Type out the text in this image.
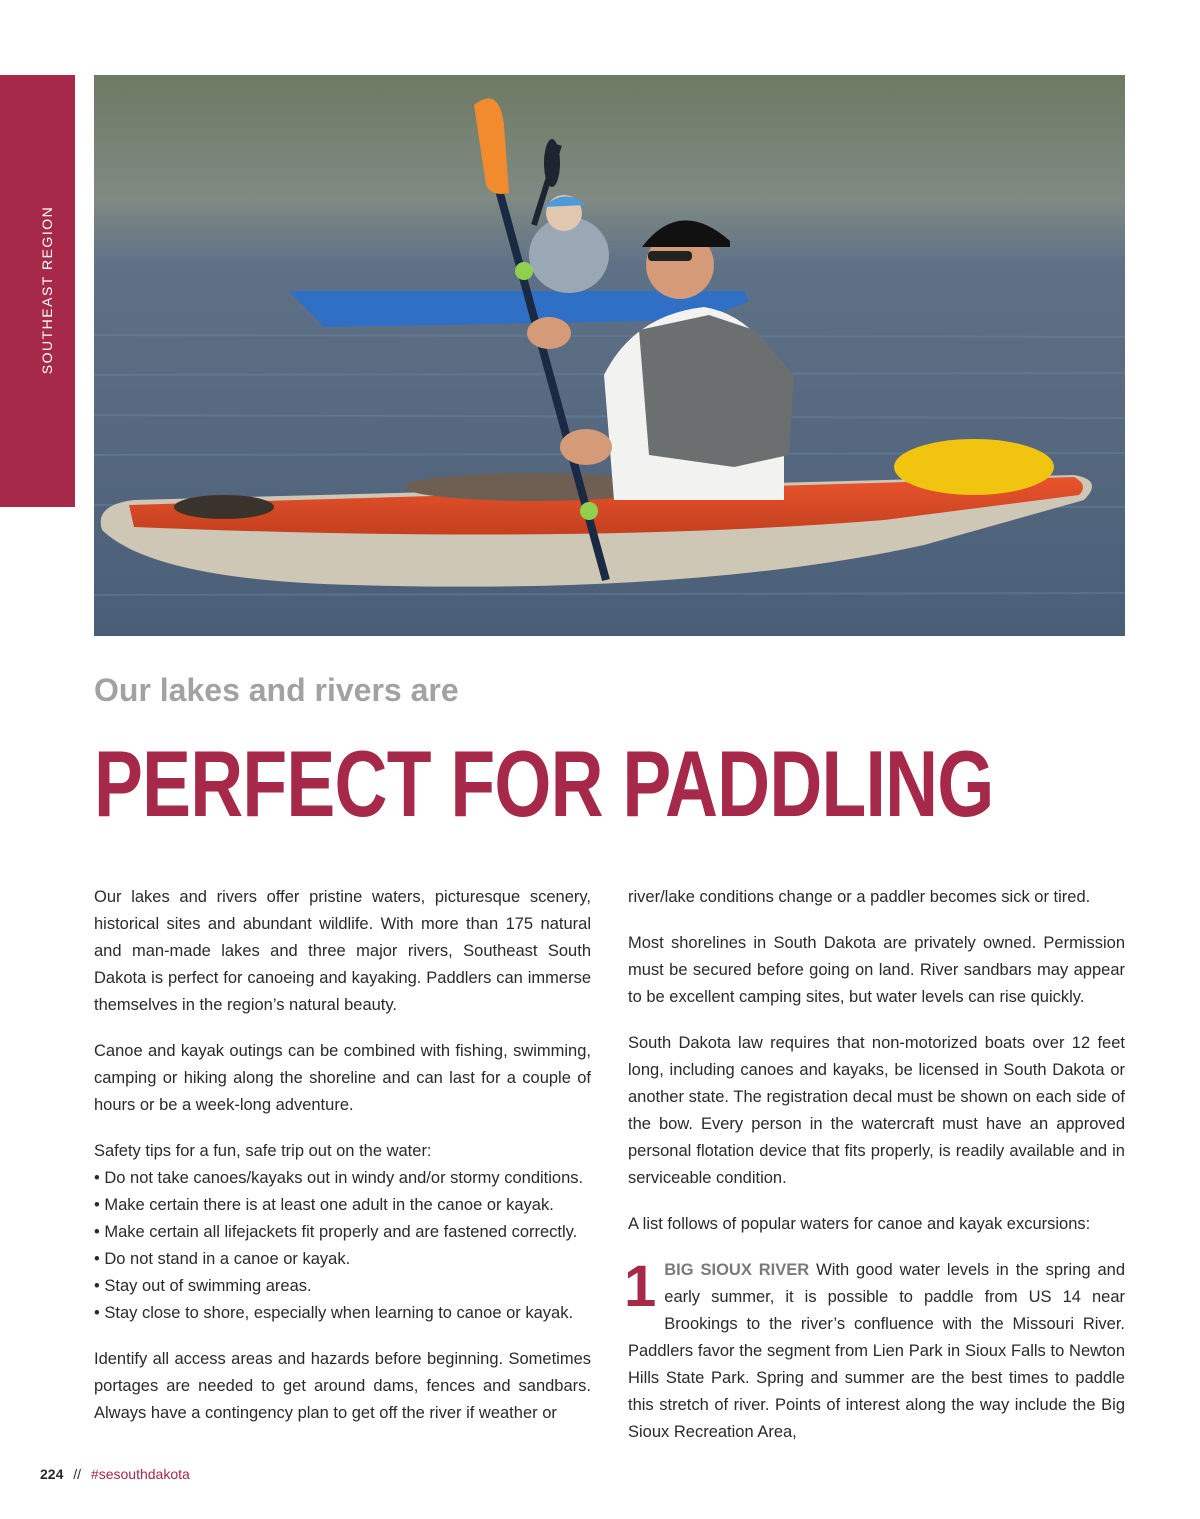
SOUTHEAST REGION
Our lakes and rivers are
PERFECT FOR PADDLING

Our lakes and rivers offer pristine waters, picturesque scenery, historical sites and abundant wildlife. With more than 175 natural and man-made lakes and three major rivers, Southeast South Dakota is perfect for canoeing and kayaking. Paddlers can immerse themselves in the region’s natural beauty.

Canoe and kayak outings can be combined with fishing, swimming, camping or hiking along the shoreline and can last for a couple of hours or be a week-long adventure.

Safety tips for a fun, safe trip out on the water:

• Do not take canoes/kayaks out in windy and/or stormy conditions.
• Make certain there is at least one adult in the canoe or kayak.
• Make certain all lifejackets fit properly and are fastened correctly.
• Do not stand in a canoe or kayak.
• Stay out of swimming areas.
• Stay close to shore, especially when learning to canoe or kayak.

Identify all access areas and hazards before beginning. Sometimes portages are needed to get around dams, fences and sandbars. Always have a contingency plan to get off the river if weather or

river/lake conditions change or a paddler becomes sick or tired.

Most shorelines in South Dakota are privately owned. Permission must be secured before going on land. River sandbars may appear to be excellent camping sites, but water levels can rise quickly.

South Dakota law requires that non-motorized boats over 12 feet long, including canoes and kayaks, be licensed in South Dakota or another state. The registration decal must be shown on each side of the bow. Every person in the watercraft must have an approved personal flotation device that fits properly, is readily available and in serviceable condition.

A list follows of popular waters for canoe and kayak excursions:

1 BIG SIOUX RIVER With good water levels in the spring and early summer, it is possible to paddle from US 14 near Brookings to the river’s confluence with the Missouri River. Paddlers favor the segment from Lien Park in Sioux Falls to Newton Hills State Park. Spring and summer are the best times to paddle this stretch of river. Points of interest along the way include the Big Sioux Recreation Area,

224 // #sesouthdakota
